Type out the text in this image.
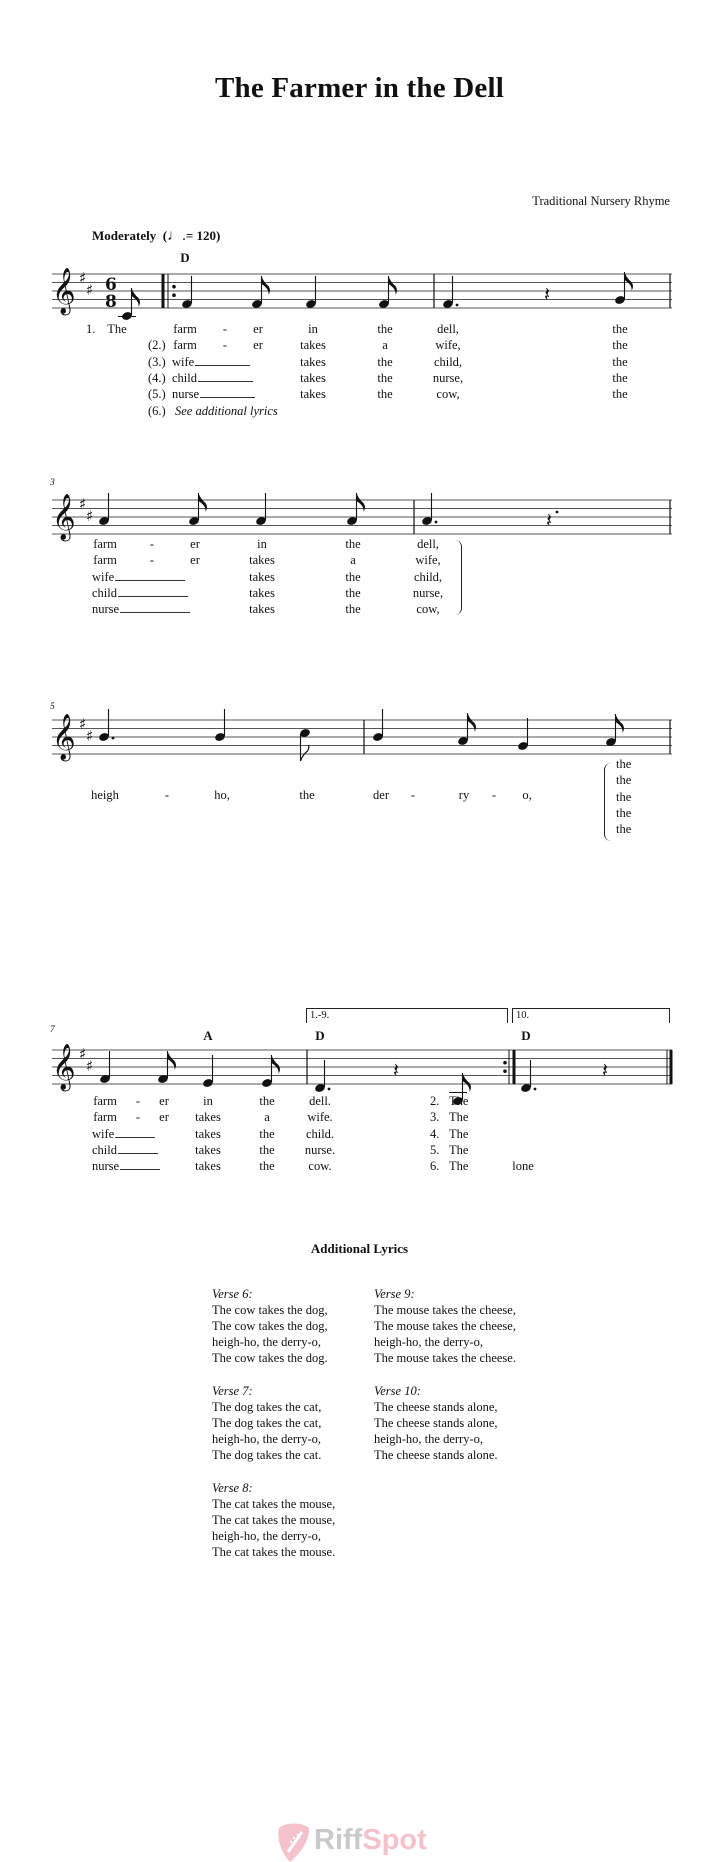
The Farmer in the Dell
Traditional Nursery Rhyme
Moderately (♩.= 120)
𝄞 ♯
♯ 6
8	𝄽
𝄞 ♯
♯	𝄽
𝄞 ♯
♯
𝄞 ♯
♯	𝄽	𝄽
D
1. The	farm - er	in	the	dell,	the
(2.) farm - er	takes	a	wife,	the
(3.) wife	takes	the	child,	the
(4.) child	takes	the	nurse,	the
(5.) nurse	takes	the	cow,	the
(6.) See additional lyrics
3
farm	-	er	in	the	dell,
farm	-	er	takes	a	wife,
wife	takes	the	child,
child	takes	the	nurse,
nurse	takes	the	cow,
5
heigh	-	ho,	the	der -	ry - o,
the
the
the
the
the
7	A	D	D
1.-9.	10.
farm - er	in	the	dell.	2. The
farm - er takes	a	wife.	3. The
wife	takes	the	child.	4. The
child	takes	the nurse.	5. The
nurse	takes	the	cow.	6. The	lone
Additional Lyrics
Verse 6:
The cow takes the dog,
The cow takes the dog,
heigh-ho, the derry-o,
The cow takes the dog.
Verse 7:
The dog takes the cat,
The dog takes the cat,
heigh-ho, the derry-o,
The dog takes the cat.
Verse 8:
The cat takes the mouse,
The cat takes the mouse,
heigh-ho, the derry-o,
The cat takes the mouse.
Verse 9:
The mouse takes the cheese,
The mouse takes the cheese,
heigh-ho, the derry-o,
The mouse takes the cheese.
Verse 10:
The cheese stands alone,
The cheese stands alone,
heigh-ho, the derry-o,
The cheese stands alone.
RiffSpot
